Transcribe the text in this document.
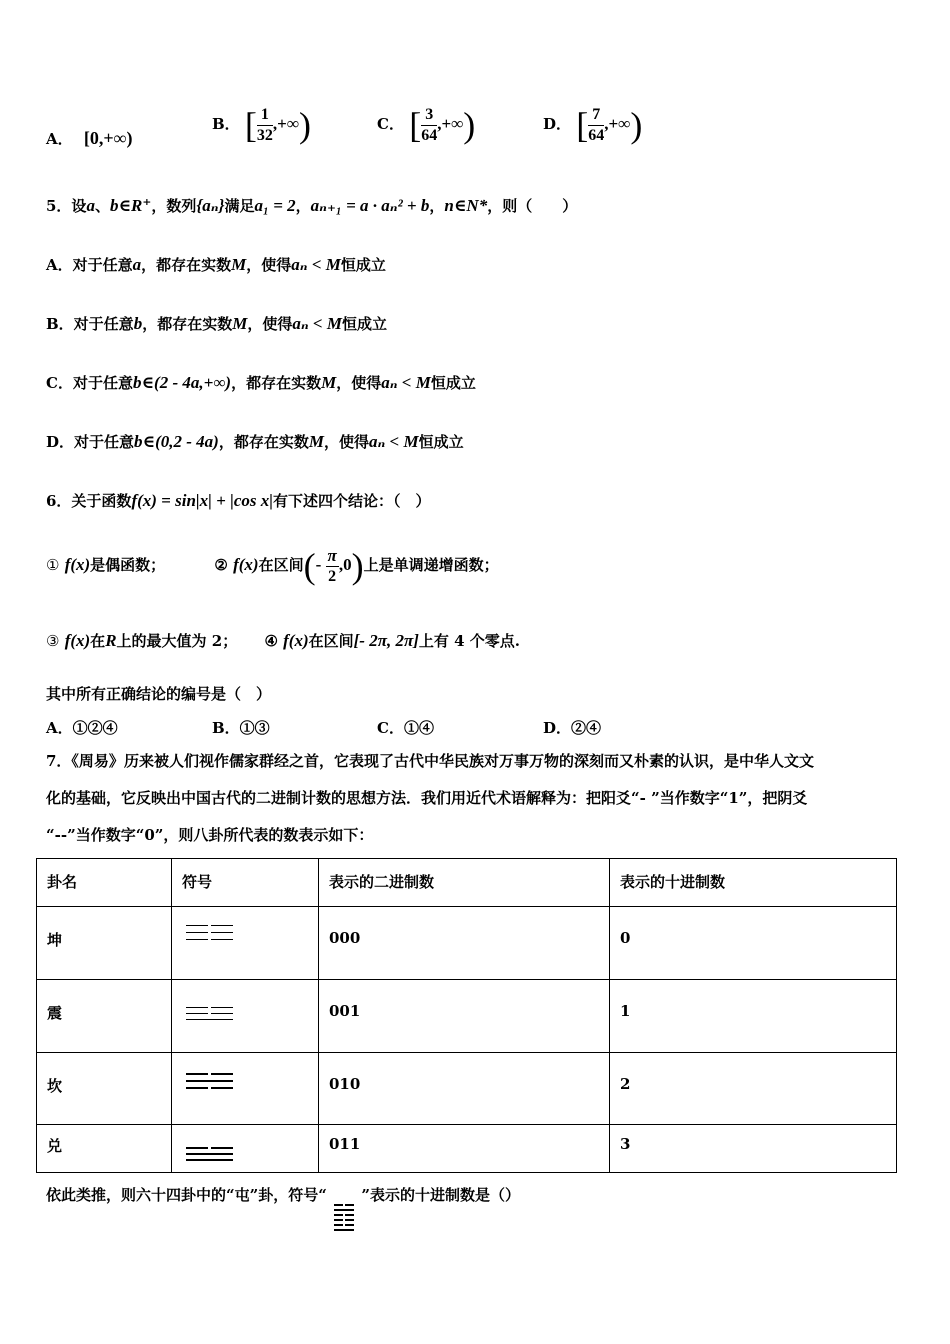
A． [0,+∞)
B． [ $\frac{1}{32}$ ,+∞)	C． [ $\frac{3}{64}$ ,+∞)	D． [ $\frac{7}{64}$ ,+∞)
5．设a、b∈R⁺，数列{aₙ}满足a₁ = 2，aₙ₊₁ = a · aₙ² + b，n∈N*，则（　　）
A．对于任意a，都存在实数M，使得aₙ < M恒成立
B．对于任意b，都存在实数M，使得aₙ < M恒成立
C．对于任意b∈(2 - 4a,+∞)，都存在实数M，使得aₙ < M恒成立
D．对于任意b∈(0,2 - 4a)，都存在实数M，使得aₙ < M恒成立
6．关于函数f(x) = sin|x| + |cos x|有下述四个结论：（　）
① f(x)是偶函数；	② f(x)在区间(- $\frac{\pi}{2} ,0$)上是单调递增函数；
③ f(x)在R上的最大值为 2； ④ f(x)在区间[- 2π, 2π]上有 4 个零点.
其中所有正确结论的编号是（　）
A．①②④	B．①③	C．①④	D．②④
7．《周易》历来被人们视作儒家群经之首，它表现了古代中华民族对万事万物的深刻而又朴素的认识，是中华人文文
化的基础，它反映出中国古代的二进制计数的思想方法．我们用近代术语解释为：把阳爻“- ”当作数字“1”，把阴爻
“--”当作数字“0”，则八卦所代表的数表示如下：
卦名	符号	表示的二进制数	表示的十进制数
坤		000	0
震		001	1
坎		010	2
兑		011	3
依此类推，则六十四卦中的“屯”卦，符号“ ”表示的十进制数是（）
